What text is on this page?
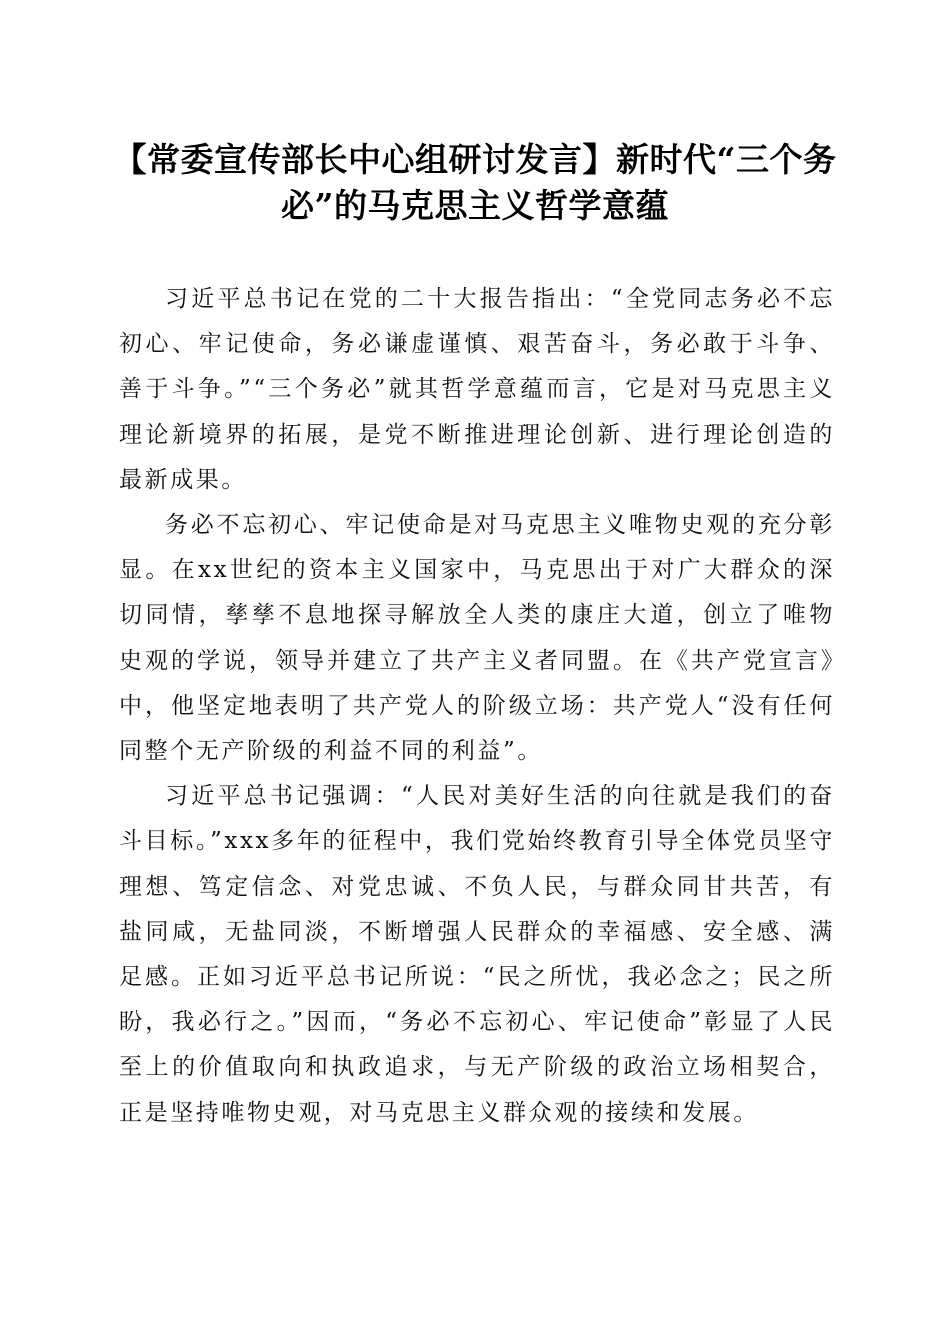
【常委宣传部长中心组研讨发言】新时代“三个务必”的马克思主义哲学意蕴

习近平总书记在党的二十大报告指出：“全党同志务必不忘初心、牢记使命，务必谦虚谨慎、艰苦奋斗，务必敢于斗争、善于斗争。”“三个务必”就其哲学意蕴而言，它是对马克思主义理论新境界的拓展，是党不断推进理论创新、进行理论创造的最新成果。

务必不忘初心、牢记使命是对马克思主义唯物史观的充分彰显。在xx世纪的资本主义国家中，马克思出于对广大群众的深切同情，孳孳不息地探寻解放全人类的康庄大道，创立了唯物史观的学说，领导并建立了共产主义者同盟。在《共产党宣言》中，他坚定地表明了共产党人的阶级立场：共产党人“没有任何同整个无产阶级的利益不同的利益”。

习近平总书记强调：“人民对美好生活的向往就是我们的奋斗目标。”xxx多年的征程中，我们党始终教育引导全体党员坚守理想、笃定信念、对党忠诚、不负人民，与群众同甘共苦，有盐同咸，无盐同淡，不断增强人民群众的幸福感、安全感、满足感。正如习近平总书记所说：“民之所忧，我必念之；民之所盼，我必行之。”因而，“务必不忘初心、牢记使命”彰显了人民至上的价值取向和执政追求，与无产阶级的政治立场相契合，正是坚持唯物史观，对马克思主义群众观的接续和发展。
